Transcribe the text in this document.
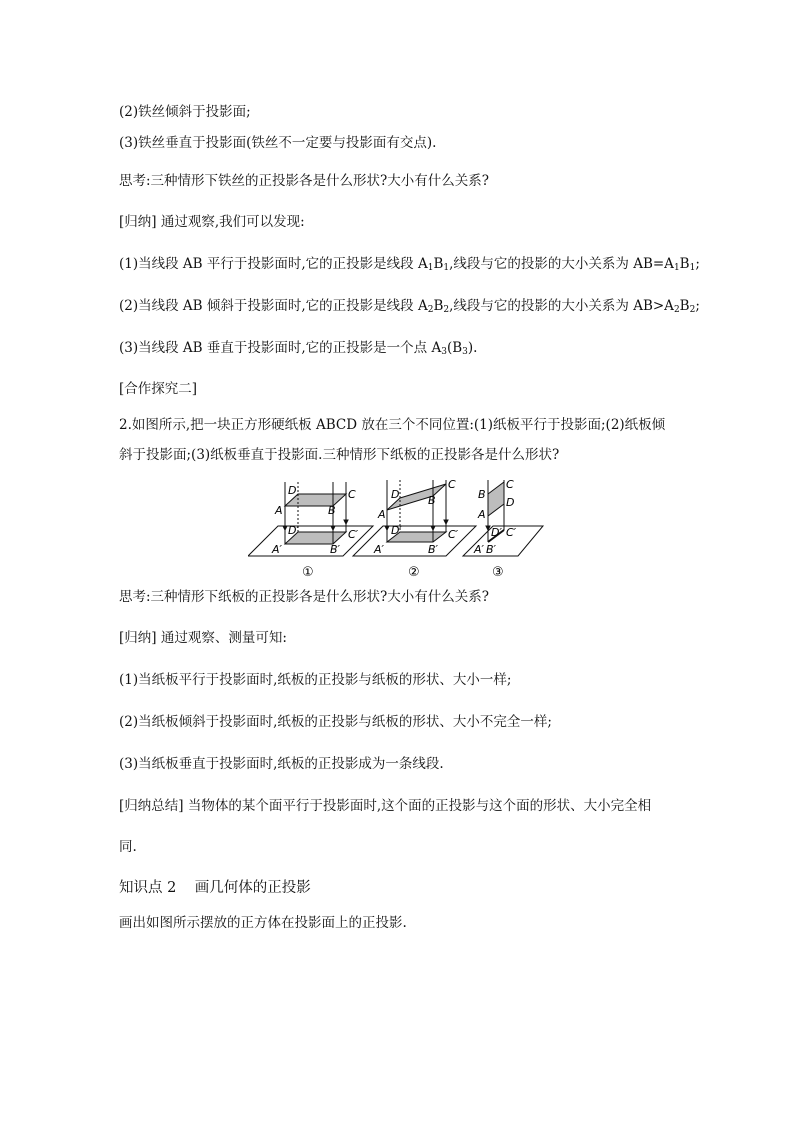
(2)铁丝倾斜于投影面;
(3)铁丝垂直于投影面(铁丝不一定要与投影面有交点).
思考:三种情形下铁丝的正投影各是什么形状?大小有什么关系?
[归纳] 通过观察,我们可以发现:
(1)当线段 AB 平行于投影面时,它的正投影是线段 $A_1B_1$,线段与它的投影的大小关系为 $AB=A_1B_1$;
(2)当线段 AB 倾斜于投影面时,它的正投影是线段 $A_2B_2$,线段与它的投影的大小关系为 $AB>A_2B_2$;
(3)当线段 AB 垂直于投影面时,它的正投影是一个点 $A_3(B_3)$.
[合作探究二]
2.如图所示,把一块正方形硬纸板 ABCD 放在三个不同位置:(1)纸板平行于投影面;(2)纸板倾
斜于投影面;(3)纸板垂直于投影面.三种情形下纸板的正投影各是什么形状?
D	C
A	B
D′	C′
A′	B′
①
D
C
A
B
D′	C′
A′	B′
②
B
C
D
A
D′ C′
A′ B′
③
思考:三种情形下纸板的正投影各是什么形状?大小有什么关系?
[归纳] 通过观察、测量可知:
(1)当纸板平行于投影面时,纸板的正投影与纸板的形状、大小一样;
(2)当纸板倾斜于投影面时,纸板的正投影与纸板的形状、大小不完全一样;
(3)当纸板垂直于投影面时,纸板的正投影成为一条线段.
[归纳总结] 当物体的某个面平行于投影面时,这个面的正投影与这个面的形状、大小完全相
同.
知识点 2    画几何体的正投影
画出如图所示摆放的正方体在投影面上的正投影.
